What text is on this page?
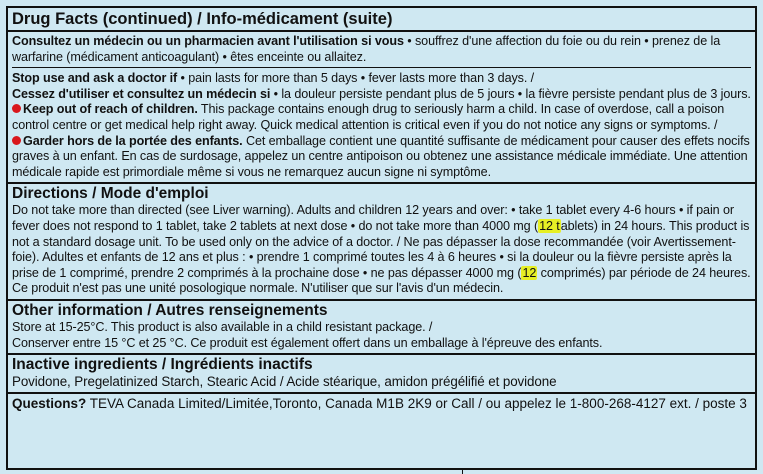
Drug Facts (continued) / Info-médicament (suite)
Consultez un médecin ou un pharmacien avant l'utilisation si vous • souffrez d'une affection du foie ou du rein • prenez de la warfarine (médicament anticoagulant) • êtes enceinte ou allaitez.
Stop use and ask a doctor if • pain lasts for more than 5 days • fever lasts more than 3 days. /
Cessez d'utiliser et consultez un médecin si • la douleur persiste pendant plus de 5 jours • la fièvre persiste pendant plus de 3 jours.
Keep out of reach of children. This package contains enough drug to seriously harm a child. In case of overdose, call a poison control centre or get medical help right away. Quick medical attention is critical even if you do not notice any signs or symptoms. /
Garder hors de la portée des enfants. Cet emballage contient une quantité suffisante de médicament pour causer des effets nocifs graves à un enfant. En cas de surdosage, appelez un centre antipoison ou obtenez une assistance médicale immédiate. Une attention médicale rapide est primordiale même si vous ne remarquez aucun signe ni symptôme.
Directions / Mode d'emploi
Do not take more than directed (see Liver warning). Adults and children 12 years and over: • take 1 tablet every 4-6 hours • if pain or fever does not respond to 1 tablet, take 2 tablets at next dose • do not take more than 4000 mg (12 tablets) in 24 hours. This product is not a standard dosage unit. To be used only on the advice of a doctor. / Ne pas dépasser la dose recommandée (voir Avertissement-foie). Adultes et enfants de 12 ans et plus : • prendre 1 comprimé toutes les 4 à 6 heures • si la douleur ou la fièvre persiste après la prise de 1 comprimé, prendre 2 comprimés à la prochaine dose • ne pas dépasser 4000 mg (12 comprimés) par période de 24 heures. Ce produit n'est pas une unité posologique normale. N'utiliser que sur l'avis d'un médecin.
Other information / Autres renseignements
Store at 15-25°C. This product is also available in a child resistant package. /
Conserver entre 15 °C et 25 °C. Ce produit est également offert dans un emballage à l'épreuve des enfants.
Inactive ingredients / Ingrédients inactifs
Povidone, Pregelatinized Starch, Stearic Acid / Acide stéarique, amidon prégélifié et povidone
Questions? TEVA Canada Limited/Limitée,Toronto, Canada M1B 2K9 or Call / ou appelez le 1-800-268-4127 ext. / poste 3
